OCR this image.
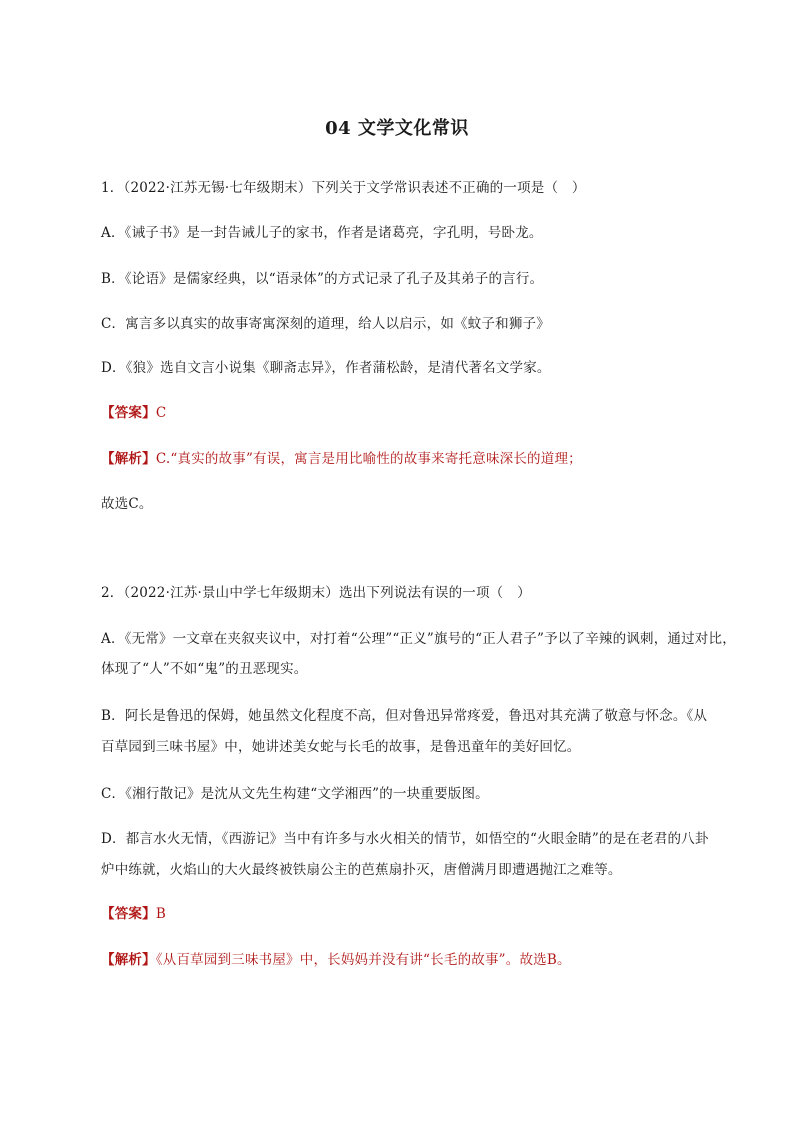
04 文学文化常识
1．（2022·江苏无锡·七年级期末）下列关于文学常识表述不正确的一项是（　）
A．《诫子书》是一封告诫儿子的家书，作者是诸葛亮，字孔明，号卧龙。
B．《论语》是儒家经典，以“语录体”的方式记录了孔子及其弟子的言行。
C．寓言多以真实的故事寄寓深刻的道理，给人以启示，如《蚊子和狮子》
D．《狼》选自文言小说集《聊斋志异》，作者蒲松龄，是清代著名文学家。
【答案】C
【解析】C.“真实的故事”有误，寓言是用比喻性的故事来寄托意味深长的道理；
故选C。
2．（2022·江苏·景山中学七年级期末）选出下列说法有误的一项（　）
A．《无常》一文章在夹叙夹议中，对打着“公理”“正义”旗号的“正人君子”予以了辛辣的讽刺，通过对比，
体现了“人”不如“鬼”的丑恶现实。
B．阿长是鲁迅的保姆，她虽然文化程度不高，但对鲁迅异常疼爱，鲁迅对其充满了敬意与怀念。《从
百草园到三味书屋》中，她讲述美女蛇与长毛的故事，是鲁迅童年的美好回忆。
C．《湘行散记》是沈从文先生构建“文学湘西”的一块重要版图。
D．都言水火无情，《西游记》当中有许多与水火相关的情节，如悟空的“火眼金睛”的是在老君的八卦
炉中练就，火焰山的大火最终被铁扇公主的芭蕉扇扑灭，唐僧满月即遭遇抛江之难等。
【答案】B
【解析】《从百草园到三味书屋》中，长妈妈并没有讲“长毛的故事”。故选B。
